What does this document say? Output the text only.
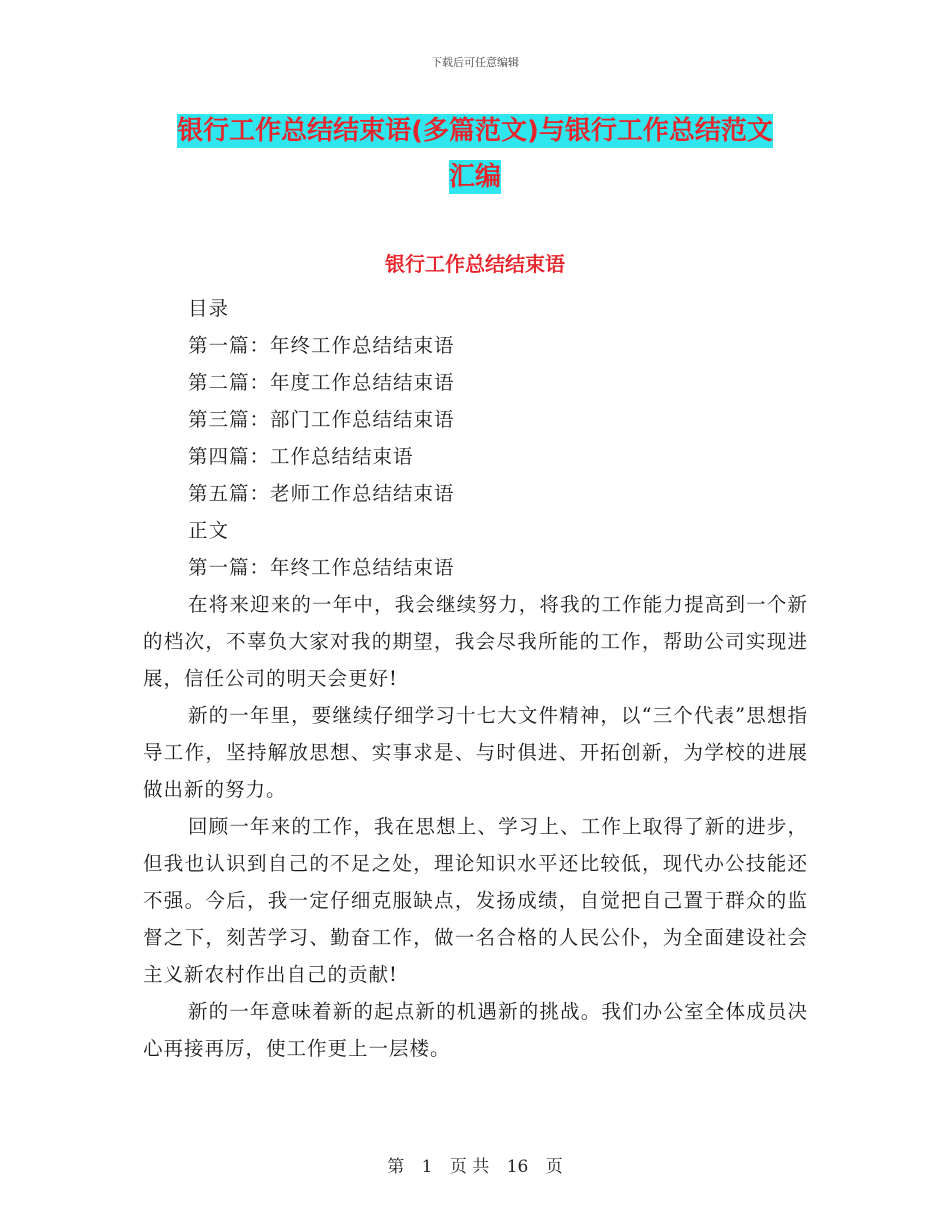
下载后可任意编辑
银行工作总结结束语(多篇范文)与银行工作总结范文
汇编
银行工作总结结束语

目录

第一篇：年终工作总结结束语

第二篇：年度工作总结结束语

第三篇：部门工作总结结束语

第四篇：工作总结结束语

第五篇：老师工作总结结束语

正文

第一篇：年终工作总结结束语

在将来迎来的一年中，我会继续努力，将我的工作能力提高到一个新的档次，不辜负大家对我的期望，我会尽我所能的工作，帮助公司实现进展，信任公司的明天会更好!

新的一年里，要继续仔细学习十七大文件精神，以“三个代表”思想指导工作，坚持解放思想、实事求是、与时俱进、开拓创新，为学校的进展做出新的努力。

回顾一年来的工作，我在思想上、学习上、工作上取得了新的进步，但我也认识到自己的不足之处，理论知识水平还比较低，现代办公技能还不强。今后，我一定仔细克服缺点，发扬成绩，自觉把自己置于群众的监督之下，刻苦学习、勤奋工作，做一名合格的人民公仆，为全面建设社会主义新农村作出自己的贡献!

新的一年意味着新的起点新的机遇新的挑战。我们办公室全体成员决心再接再厉，使工作更上一层楼。

第 1 页 共 16 页
